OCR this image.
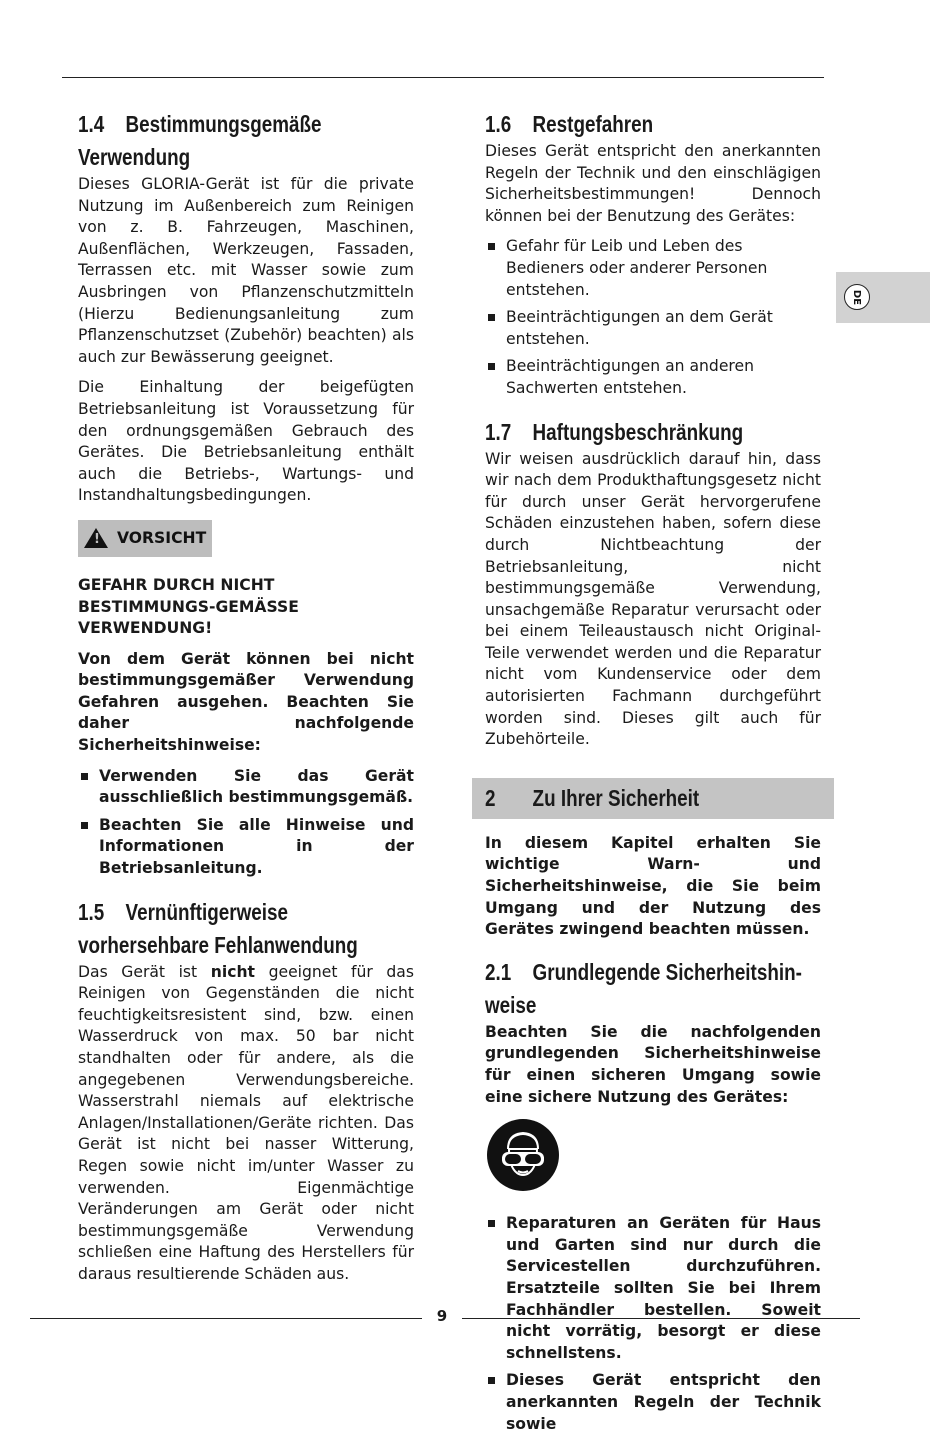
DE
1.4 Bestimmungsgemäße
Verwendung

Dieses GLORIA-Gerät ist für die private Nutzung im Außenbereich zum Reinigen von z. B. Fahrzeugen, Maschinen, Außenflächen, Werkzeugen, Fassaden, Terrassen etc. mit Wasser sowie zum Ausbringen von Pflanzenschutzmitteln (Hierzu Bedienungsanleitung zum Pflanzenschutzset (Zubehör) beachten) als auch zur Bewässerung geeignet.

Die Einhaltung der beigefügten Betriebsanleitung ist Voraussetzung für den ordnungsgemäßen Gebrauch des Gerätes. Die Betriebsanleitung enthält auch die Betriebs-, Wartungs- und Instandhaltungsbedingungen.

! VORSICHT
GEFAHR DURCH NICHT BESTIMMUNGS-GEMÄSSE VERWENDUNG!

Von dem Gerät können bei nicht bestimmungsgemäßer Verwendung Gefahren ausgehen. Beachten Sie daher nachfolgende Sicherheitshinweise:

Verwenden Sie das Gerät ausschließlich bestimmungsgemäß.
Beachten Sie alle Hinweise und Informationen in der Betriebsanleitung.
1.5 Vernünftigerweise
vorhersehbare Fehlanwendung

Das Gerät ist nicht geeignet für das Reinigen von Gegenständen die nicht feuchtigkeitsresistent sind, bzw. einen Wasserdruck von max. 50 bar nicht standhalten oder für andere, als die angegebenen Verwendungsbereiche. Wasserstrahl niemals auf elektrische Anlagen/Installationen/Geräte richten. Das Gerät ist nicht bei nasser Witterung, Regen sowie nicht im/unter Wasser zu verwenden. Eigenmächtige Veränderungen am Gerät oder nicht bestimmungsgemäße Verwendung schließen eine Haftung des Herstellers für daraus resultierende Schäden aus.

1.6 Restgefahren

Dieses Gerät entspricht den anerkannten Regeln der Technik und den einschlägigen Sicherheitsbestimmungen! Dennoch können bei der Benutzung des Gerätes:

Gefahr für Leib und Leben des Bedieners oder anderer Personen entstehen.
Beeinträchtigungen an dem Gerät entstehen.
Beeinträchtigungen an anderen Sachwerten entstehen.
1.7 Haftungsbeschränkung

Wir weisen ausdrücklich darauf hin, dass wir nach dem Produkthaftungsgesetz nicht für durch unser Gerät hervorgerufene Schäden einzustehen haben, sofern diese durch Nichtbeachtung der Betriebsanleitung, nicht bestimmungsgemäße Verwendung, unsachgemäße Reparatur verursacht oder bei einem Teileaustausch nicht Original-Teile verwendet werden und die Reparatur nicht vom Kundenservice oder dem autorisierten Fachmann durchgeführt worden sind. Dieses gilt auch für Zubehörteile.

2 Zu Ihrer Sicherheit

In diesem Kapitel erhalten Sie wichtige Warn- und Sicherheitshinweise, die Sie beim Umgang und der Nutzung des Gerätes zwingend beachten müssen.

2.1 Grundlegende Sicherheitshin-
weise

Beachten Sie die nachfolgenden grundlegenden Sicherheitshinweise für einen sicheren Umgang sowie eine sichere Nutzung des Gerätes:

Reparaturen an Geräten für Haus und Garten sind nur durch die Servicestellen durchzuführen. Ersatzteile sollten Sie bei Ihrem Fachhändler bestellen. Soweit nicht vorrätig, besorgt er diese schnellstens.
Dieses Gerät entspricht den anerkannten Regeln der Technik sowie
9
